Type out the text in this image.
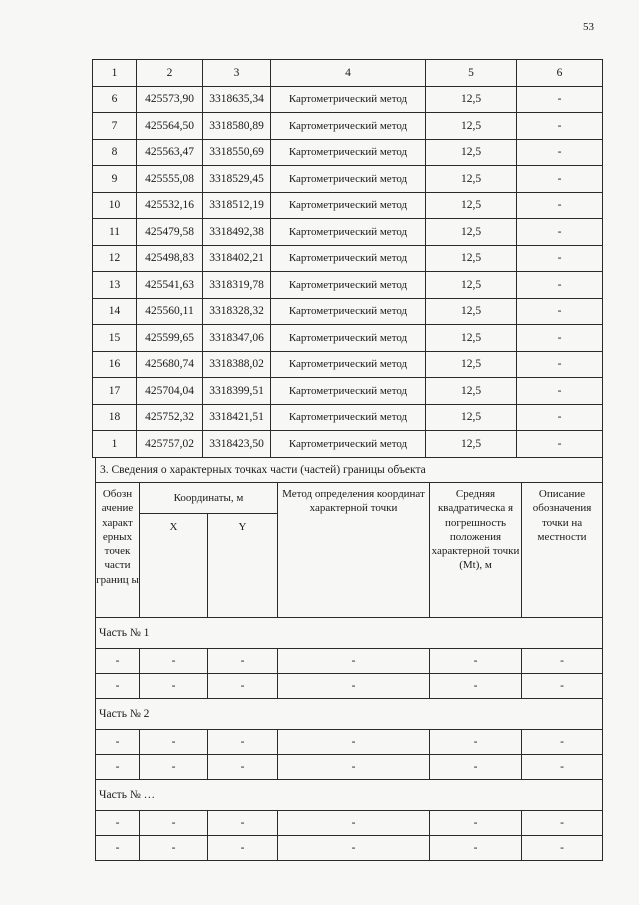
53
1	2	3	4	5	6
6	425573,90	3318635,34	Картометрический метод	12,5	-
7	425564,50	3318580,89	Картометрический метод	12,5	-
8	425563,47	3318550,69	Картометрический метод	12,5	-
9	425555,08	3318529,45	Картометрический метод	12,5	-
10	425532,16	3318512,19	Картометрический метод	12,5	-
11	425479,58	3318492,38	Картометрический метод	12,5	-
12	425498,83	3318402,21	Картометрический метод	12,5	-
13	425541,63	3318319,78	Картометрический метод	12,5	-
14	425560,11	3318328,32	Картометрический метод	12,5	-
15	425599,65	3318347,06	Картометрический метод	12,5	-
16	425680,74	3318388,02	Картометрический метод	12,5	-
17	425704,04	3318399,51	Картометрический метод	12,5	-
18	425752,32	3318421,51	Картометрический метод	12,5	-
1	425757,02	3318423,50	Картометрический метод	12,5	-
3. Сведения о характерных точках части (частей) границы объекта					
Обозн ачение характ ерных точек части границ ы	Координаты, м		Метод определения координат характерной точки	Средняя квадратическа я погрешность положения характерной точки (Mt), м	Описание обозначения точки на местности
	X	Y			
Часть № 1					
-	-	-	-	-	-
-	-	-	-	-	-
Часть № 2					
-	-	-	-	-	-
-	-	-	-	-	-
Часть № …					
-	-	-	-	-	-
-	-	-	-	-	-
